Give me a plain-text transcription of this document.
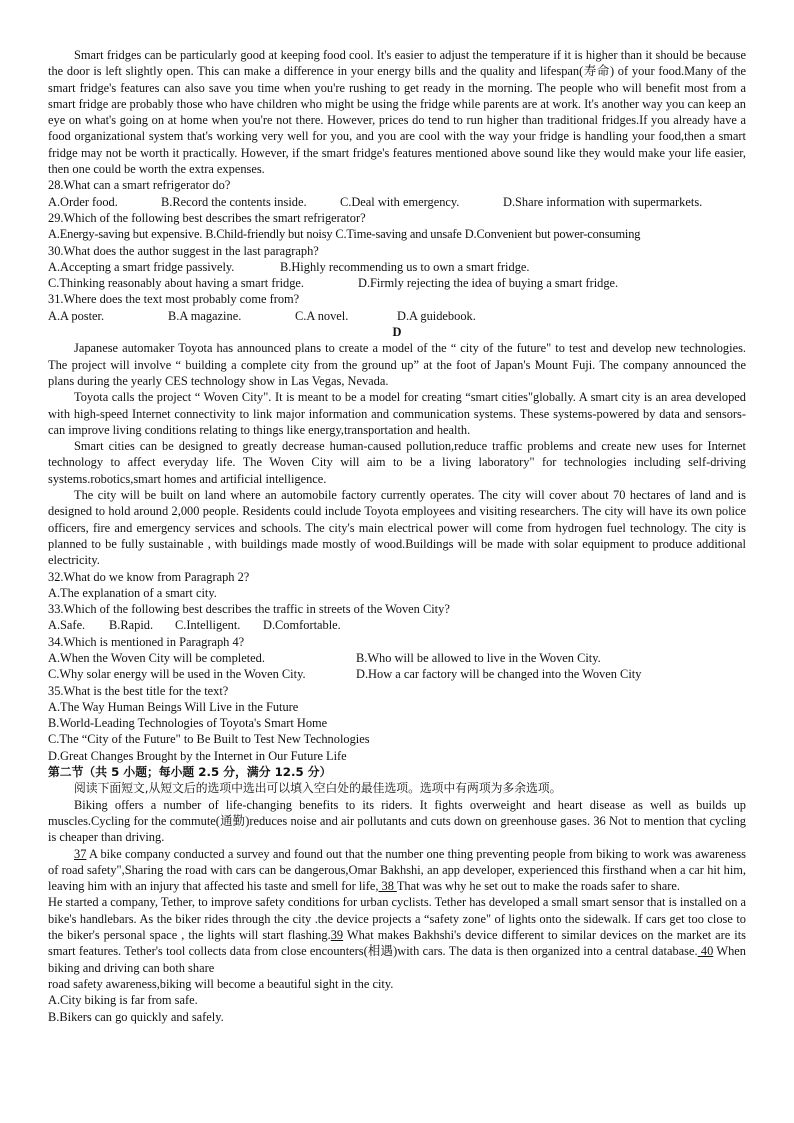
Smart fridges can be particularly good at keeping food cool. It's easier to adjust the temperature if it is higher than it should be because the door is left slightly open. This can make a difference in your energy bills and the quality and lifespan(寿命) of your food.Many of the smart fridge's features can also save you time when you're rushing to get ready in the morning. The people who will benefit most from a smart fridge are probably those who have children who might be using the fridge while parents are at work. It's another way you can keep an eye on what's going on at home when you're not there. However, prices do tend to run higher than traditional fridges.If you already have a food organizational system that's working very well for you, and you are cool with the way your fridge is handling your food,then a smart fridge may not be worth it practically. However, if the smart fridge's features mentioned above sound like they would make your life easier, then one could be worth the extra expenses.

28.What can a smart refrigerator do?

A.Order food.	B.Record the contents inside.	C.Deal with emergency.	D.Share information with supermarkets.

29.Which of the following best describes the smart refrigerator?

A.Energy-saving but expensive. B.Child-friendly but noisy C.Time-saving and unsafe D.Convenient but power-consuming

30.What does the author suggest in the last paragraph?

A.Accepting a smart fridge passively.	B.Highly recommending us to own a smart fridge.
C.Thinking reasonably about having a smart fridge.	D.Firmly rejecting the idea of buying a smart fridge.

31.Where does the text most probably come from?

A.A poster.	B.A magazine.	C.A novel.	D.A guidebook.

D

Japanese automaker Toyota has announced plans to create a model of the “ city of the future" to test and develop new technologies. The project will involve “ building a complete city from the ground up” at the foot of Japan's Mount Fuji. The company announced the plans during the yearly CES technology show in Las Vegas, Nevada.

Toyota calls the project “ Woven City". It is meant to be a model for creating “smart cities"globally. A smart city is an area developed with high-speed Internet connectivity to link major information and communication systems. These systems-powered by data and sensors-can improve living conditions relating to things like energy,transportation and health.

Smart cities can be designed to greatly decrease human-caused pollution,reduce traffic problems and create new uses for Internet technology to affect everyday life. The Woven City will aim to be a living laboratory" for technologies including self-driving systems.robotics,smart homes and artificial intelligence.

The city will be built on land where an automobile factory currently operates. The city will cover about 70 hectares of land and is designed to hold around 2,000 people. Residents could include Toyota employees and visiting researchers. The city will have its own police officers, fire and emergency services and schools. The city's main electrical power will come from hydrogen fuel technology. The city is planned to be fully sustainable , with buildings made mostly of wood.Buildings will be made with solar equipment to produce additional electricity.

32.What do we know from Paragraph 2?

A.The explanation of a smart city.

33.Which of the following best describes the traffic in streets of the Woven City?

A.Safe.	B.Rapid.	C.Intelligent.	D.Comfortable.

34.Which is mentioned in Paragraph 4?

A.When the Woven City will be completed.	B.Who will be allowed to live in the Woven City.
C.Why solar energy will be used in the Woven City.	D.How a car factory will be changed into the Woven City

35.What is the best title for the text?

A.The Way Human Beings Will Live in the Future

B.World-Leading Technologies of Toyota's Smart Home

C.The “City of the Future" to Be Built to Test New Technologies

D.Great Changes Brought by the Internet in Our Future Life

第二节（共 5 小题；每小题 2.5 分，满分 12.5 分）

阅读下面短文,从短文后的选项中选出可以填入空白处的最佳选项。选项中有两项为多余选项。

Biking offers a number of life-changing benefits to its riders. It fights overweight and heart disease as well as builds up muscles.Cycling for the commute(通勤)reduces noise and air pollutants and cuts down on greenhouse gases. 36 Not to mention that cycling is cheaper than driving.

37 A bike company conducted a survey and found out that the number one thing preventing people from biking to work was awareness of road safety",Sharing the road with cars can be dangerous,Omar Bakhshi, an app developer, experienced this firsthand when a car hit him, leaving him with an injury that affected his taste and smell for life, 38 That was why he set out to make the roads safer to share.

He started a company, Tether, to improve safety conditions for urban cyclists. Tether has developed a small smart sensor that is installed on a bike's handlebars. As the biker rides through the city .the device projects a “safety zone" of lights onto the sidewalk. If cars get too close to the biker's personal space , the lights will start flashing.39 What makes Bakhshi's device different to similar devices on the market are its smart features. Tether's tool collects data from close encounters(相遇)with cars. The data is then organized into a central database. 40 When biking and driving can both share

road safety awareness,biking will become a beautiful sight in the city.

A.City biking is far from safe.

B.Bikers can go quickly and safely.
